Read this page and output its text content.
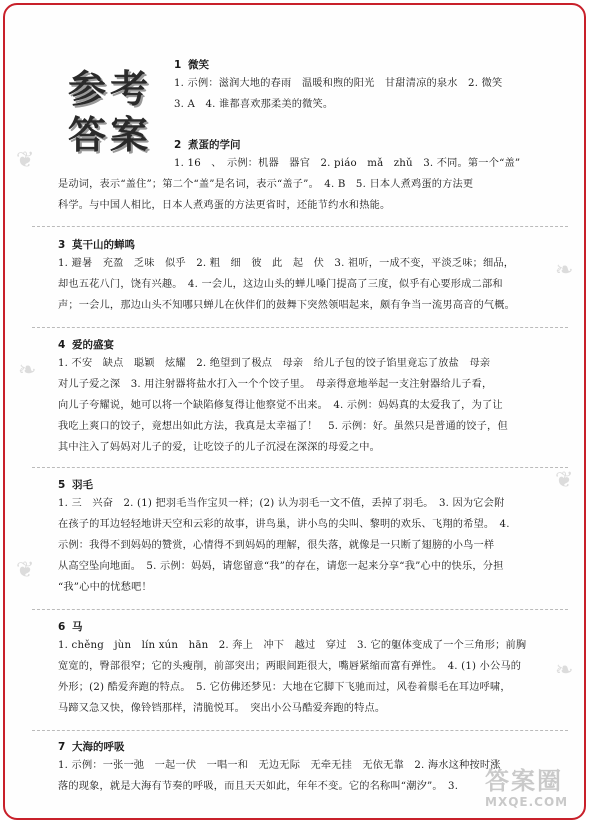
❦
❧
❦
❧
❦
❧
参考
答案
1 微笑
1. 示例：滋润大地的春雨　温暖和煦的阳光　甘甜清凉的泉水　2. 微笑
3. A　4. 谁都喜欢那柔美的微笑。
2 煮蛋的学问
1. 16　、　示例：机器　器官　2. piáo　mǎ　zhǔ　3. 不同。第一个“盖”
是动词，表示“盖住”；第二个“盖”是名词，表示“盖子”。　4. B　5. 日本人煮鸡蛋的方法更
科学。与中国人相比，日本人煮鸡蛋的方法更省时，还能节约水和热能。
3 莫干山的蝉鸣
1. 避暑　充盈　乏味　似乎　2. 粗　细　彼　此　起　伏　3. 祖听，一成不变，平淡乏味；细品，
却也五花八门，饶有兴趣。　4. 一会儿，这边山头的蝉儿嗓门提高了三度，似乎有心要形成二部和
声；一会儿，那边山头不知哪只蝉儿在伙伴们的鼓舞下突然领唱起来，颇有争当一流男高音的气概。
4 爱的盛宴
1. 不安　缺点　聪颖　炫耀　2. 绝望到了极点　母亲　给儿子包的饺子馅里竟忘了放盐　母亲
对儿子爱之深　3. 用注射器将盐水打入一个个饺子里。　母亲得意地举起一支注射器给儿子看，
向儿子夸耀说，她可以将一个缺陷修复得让他察觉不出来。　4. 示例：妈妈真的太爱我了，为了让
我吃上爽口的饺子，竟想出如此方法，我真是太幸福了！　5. 示例：好。虽然只是普通的饺子，但
其中注入了妈妈对儿子的爱，让吃饺子的儿子沉浸在深深的母爱之中。
5 羽毛
1. 三　兴奋　2. (1) 把羽毛当作宝贝一样；(2) 认为羽毛一文不值，丢掉了羽毛。　3. 因为它会附
在孩子的耳边轻轻地讲天空和云彩的故事，讲鸟巢，讲小鸟的尖叫、黎明的欢乐、飞翔的希望。　4.
示例：我得不到妈妈的赞赏，心情得不到妈妈的理解，很失落，就像是一只断了翅膀的小鸟一样
从高空坠向地面。　5. 示例：妈妈，请您留意“我”的存在，请您一起来分享“我”心中的快乐，分担
“我”心中的忧愁吧！
6 马
1. chěng　jùn　lín xún　hān　2. 奔上　冲下　越过　穿过　3. 它的躯体变成了一个三角形；前胸
宽宽的，臀部很窄；它的头瘦削，前部突出；两眼间距很大，嘴唇紧缩而富有弹性。　4. (1) 小公马的
外形；(2) 酷爱奔跑的特点。　5. 它仿佛还梦见：大地在它脚下飞驰而过，风卷着鬃毛在耳边呼啸，
马蹄又急又快，像铃铛那样，清脆悦耳。　突出小公马酷爱奔跑的特点。
7 大海的呼吸
1. 示例：一张一弛　一起一伏　一唱一和　无边无际　无牵无挂　无依无靠　2. 海水这种按时涨
落的现象，就是大海有节奏的呼吸，而且天天如此，年年不变。它的名称叫“潮汐”。　3. 答案圈
MXQE.COM
